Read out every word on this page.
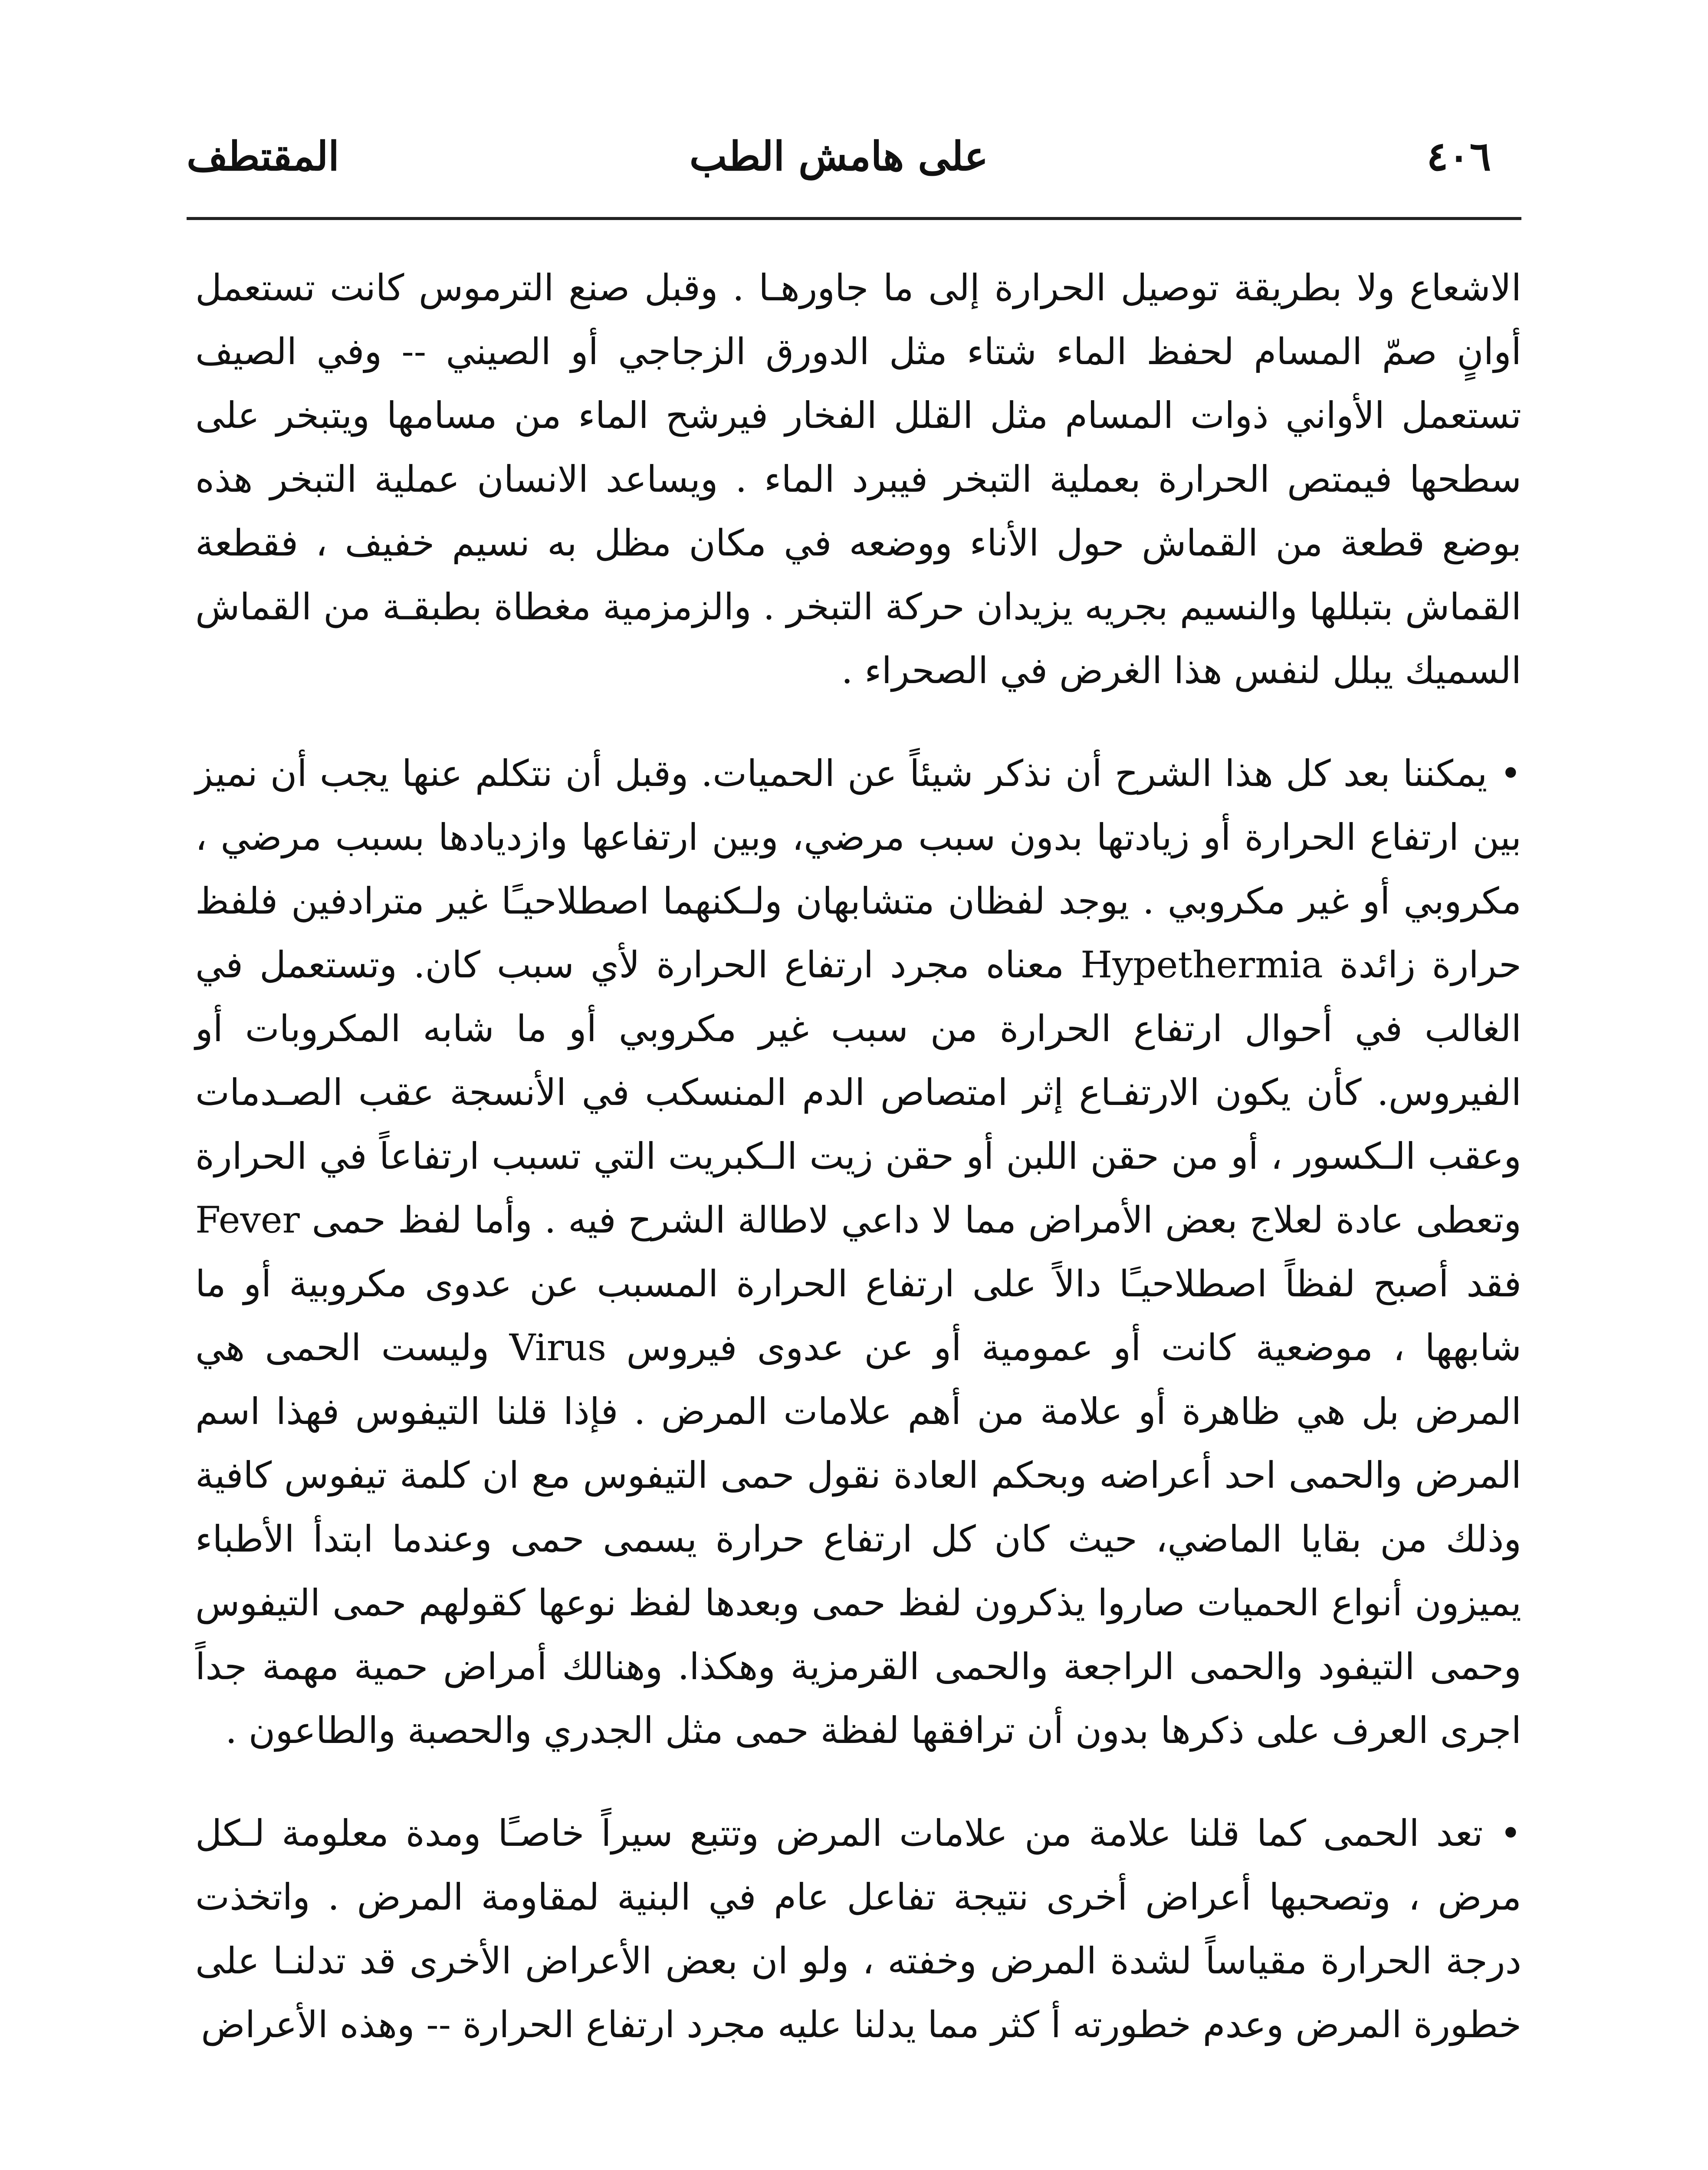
٤٠٦
على هامش الطب
المقتطف

الاشعاع ولا بطريقة توصيل الحرارة إلى ما جاورهـا . وقبل صنع الترموس كانت تستعمل أوانٍ صمّ المسام لحفظ الماء شتاء مثل الدورق الزجاجي أو الصيني -- وفي الصيف تستعمل الأواني ذوات المسام مثل القلل الفخار فيرشح الماء من مسامها ويتبخر على سطحها فيمتص الحرارة بعملية التبخر فيبرد الماء . ويساعد الانسان عملية التبخر هذه بوضع قطعة من القماش حول الأناء ووضعه في مكان مظل به نسيم خفيف ، فقطعة القماش بتبللها والنسيم بجريه يزيدان حركة التبخر . والزمزمية مغطاة بطبقـة من القماش السميك يبلل لنفس هذا الغرض في الصحراء .

• يمكننا بعد كل هذا الشرح أن نذكر شيئاً عن الحميات. وقبل أن نتكلم عنها يجب أن نميز بين ارتفاع الحرارة أو زيادتها بدون سبب مرضي، وبين ارتفاعها وازديادها بسبب مرضي ، مكروبي أو غير مكروبي . يوجد لفظان متشابهان ولـكنهما اصطلاحيـًا غير مترادفين فلفظ حرارة زائدة Hypethermia معناه مجرد ارتفاع الحرارة لأي سبب كان. وتستعمل في الغالب في أحوال ارتفاع الحرارة من سبب غير مكروبي أو ما شابه المكروبات أو الفيروس. كأن يكون الارتفـاع إثر امتصاص الدم المنسكب في الأنسجة عقب الصـدمات وعقب الـكسور ، أو من حقن اللبن أو حقن زيت الـكبريت التي تسبب ارتفاعاً في الحرارة وتعطى عادة لعلاج بعض الأمراض مما لا داعي لاطالة الشرح فيه . وأما لفظ حمى Fever فقد أصبح لفظاً اصطلاحيـًا دالاً على ارتفاع الحرارة المسبب عن عدوى مكروبية أو ما شابهها ، موضعية كانت أو عمومية أو عن عدوى فيروس Virus وليست الحمى هي المرض بل هي ظاهرة أو علامة من أهم علامات المرض . فإذا قلنا التيفوس فهذا اسم المرض والحمى احد أعراضه وبحكم العادة نقول حمى التيفوس مع ان كلمة تيفوس كافية وذلك من بقايا الماضي، حيث كان كل ارتفاع حرارة يسمى حمى وعندما ابتدأ الأطباء يميزون أنواع الحميات صاروا يذكرون لفظ حمى وبعدها لفظ نوعها كقولهم حمى التيفوس وحمى التيفود والحمى الراجعة والحمى القرمزية وهكذا. وهنالك أمراض حمية مهمة جداً اجرى العرف على ذكرها بدون أن ترافقها لفظة حمى مثل الجدري والحصبة والطاعون .

• تعد الحمى كما قلنا علامة من علامات المرض وتتبع سيراً خاصـًا ومدة معلومة لـكل مرض ، وتصحبها أعراض أخرى نتيجة تفاعل عام في البنية لمقاومة المرض . واتخذت درجة الحرارة مقياساً لشدة المرض وخفته ، ولو ان بعض الأعراض الأخرى قد تدلنـا على خطورة المرض وعدم خطورته أ كثر مما يدلنا عليه مجرد ارتفاع الحرارة -- وهذه الأعراض
